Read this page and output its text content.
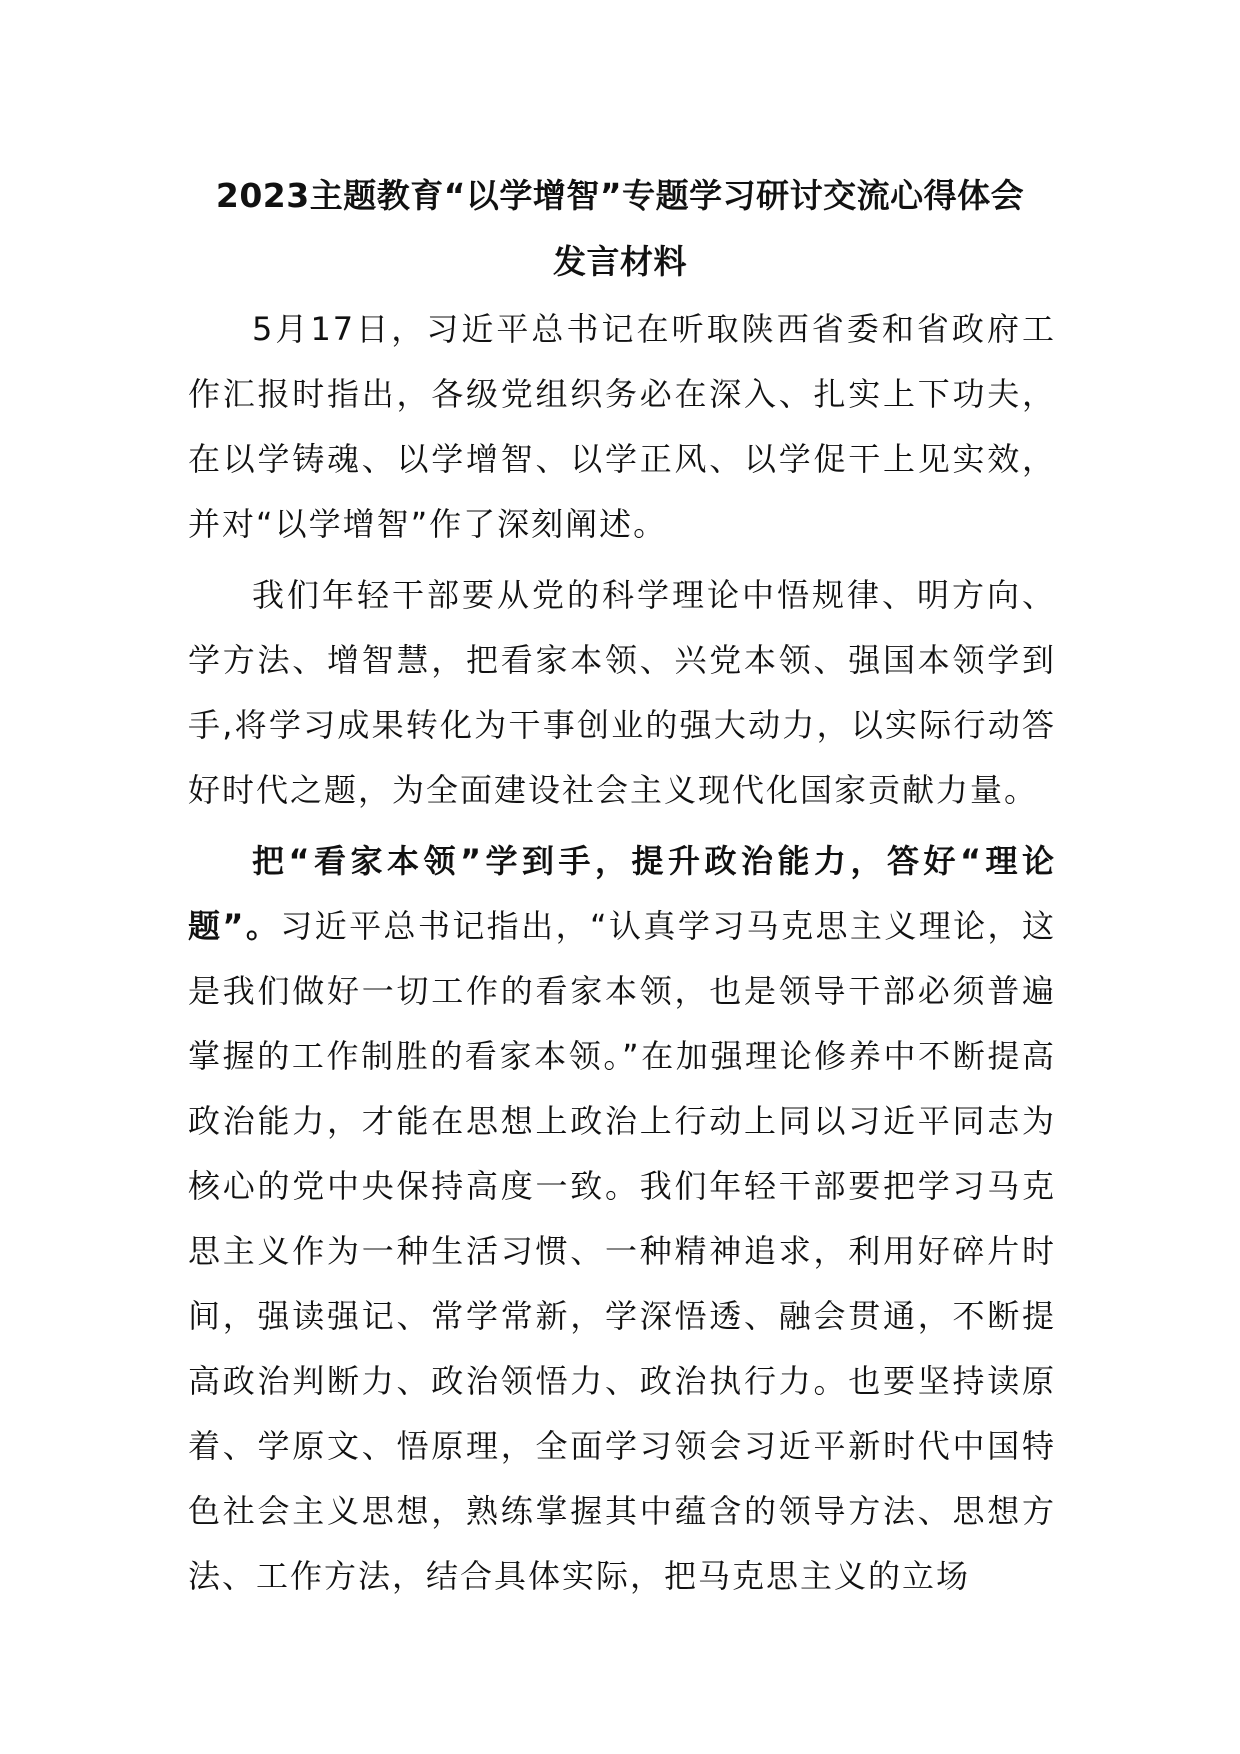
2023主题教育“以学增智”专题学习研讨交流心得体会
发言材料

5月17日，习近平总书记在听取陕西省委和省政府工作汇报时指出，各级党组织务必在深入、扎实上下功夫，在以学铸魂、以学增智、以学正风、以学促干上见实效，并对“以学增智”作了深刻阐述。

我们年轻干部要从党的科学理论中悟规律、明方向、学方法、增智慧，把看家本领、兴党本领、强国本领学到手,将学习成果转化为干事创业的强大动力，以实际行动答好时代之题，为全面建设社会主义现代化国家贡献力量。

把“看家本领”学到手，提升政治能力，答好“理论题”。习近平总书记指出，“认真学习马克思主义理论，这是我们做好一切工作的看家本领，也是领导干部必须普遍掌握的工作制胜的看家本领。”在加强理论修养中不断提高政治能力，才能在思想上政治上行动上同以习近平同志为核心的党中央保持高度一致。我们年轻干部要把学习马克思主义作为一种生活习惯、一种精神追求，利用好碎片时间，强读强记、常学常新，学深悟透、融会贯通，不断提高政治判断力、政治领悟力、政治执行力。也要坚持读原着、学原文、悟原理，全面学习领会习近平新时代中国特色社会主义思想，熟练掌握其中蕴含的领导方法、思想方法、工作方法，结合具体实际，把马克思主义的立场
